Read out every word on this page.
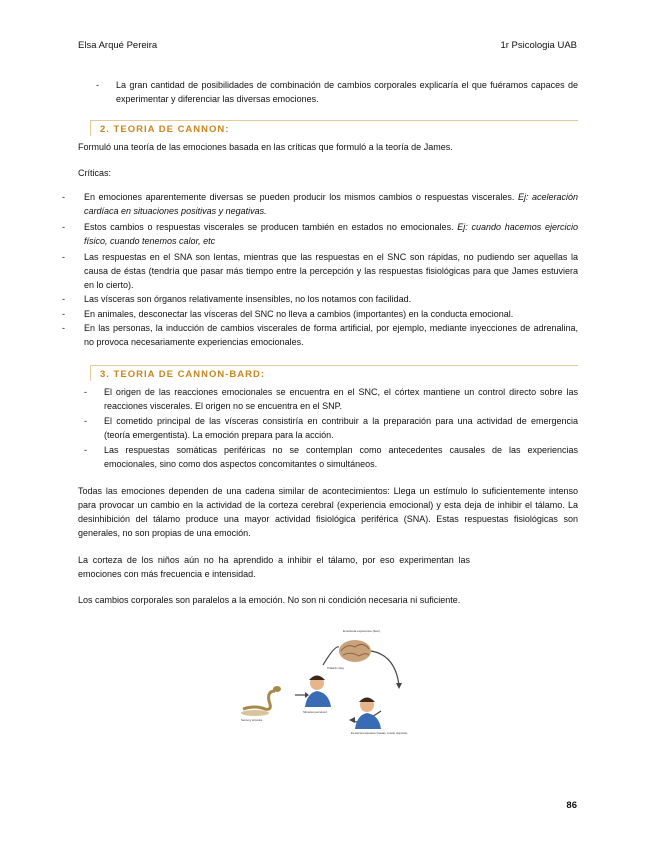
Elsa Arqué Pereira	1r Psicologia UAB
- La gran cantidad de posibilidades de combinación de cambios corporales explicaría el que fuéramos capaces de experimentar y diferenciar las diversas emociones.
2. TEORIA DE CANNON:
Formuló una teoría de las emociones basada en las críticas que formuló a la teoría de James.
Críticas:
- En emociones aparentemente diversas se pueden producir los mismos cambios o respuestas viscerales. Ej: aceleración cardíaca en situaciones positivas y negativas.
- Estos cambios o respuestas viscerales se producen también en estados no emocionales. Ej: cuando hacemos ejercicio físico, cuando tenemos calor, etc
- Las respuestas en el SNA son lentas, mientras que las respuestas en el SNC son rápidas, no pudiendo ser aquellas la causa de éstas (tendría que pasar más tiempo entre la percepción y las respuestas fisiológicas para que James estuviera en lo cierto).
- Las vísceras son órganos relativamente insensibles, no los notamos con facilidad.
- En animales, desconectar las vísceras del SNC no lleva a cambios (importantes) en la conducta emocional.
- En las personas, la inducción de cambios viscerales de forma artificial, por ejemplo, mediante inyecciones de adrenalina, no provoca necesariamente experiencias emocionales.
3. TEORIA DE CANNON-BARD:
- El origen de las reacciones emocionales se encuentra en el SNC, el córtex mantiene un control directo sobre las reacciones viscerales. El origen no se encuentra en el SNP.
- El cometido principal de las vísceras consistiría en contribuir a la preparación para una actividad de emergencia (teoría emergentista). La emoción prepara para la acción.
- Las respuestas somáticas periféricas no se contemplan como antecedentes causales de las experiencias emocionales, sino como dos aspectos concomitantes o simultáneos.
Todas las emociones dependen de una cadena similar de acontecimientos: Llega un estímulo lo suficientemente intenso para provocar un cambio en la actividad de la corteza cerebral (experiencia emocional) y esta deja de inhibir el tálamo. La desinhibición del tálamo produce una mayor actividad fisiológica periférica (SNA). Estas respuestas fisiológicas son generales, no son propias de una emoción.
La corteza de los niños aún no ha aprendido a inhibir el tálamo, por eso experimentan las emociones con más frecuencia e intensidad.
Los cambios corporales son paralelos a la emoción. No son ni condición necesaria ni suficiente.
Emotional experience (fear)
Sensory stimulus
Stimulus perceived
Thalamic relay
Emotional expression (sweats, muscle response)
86
